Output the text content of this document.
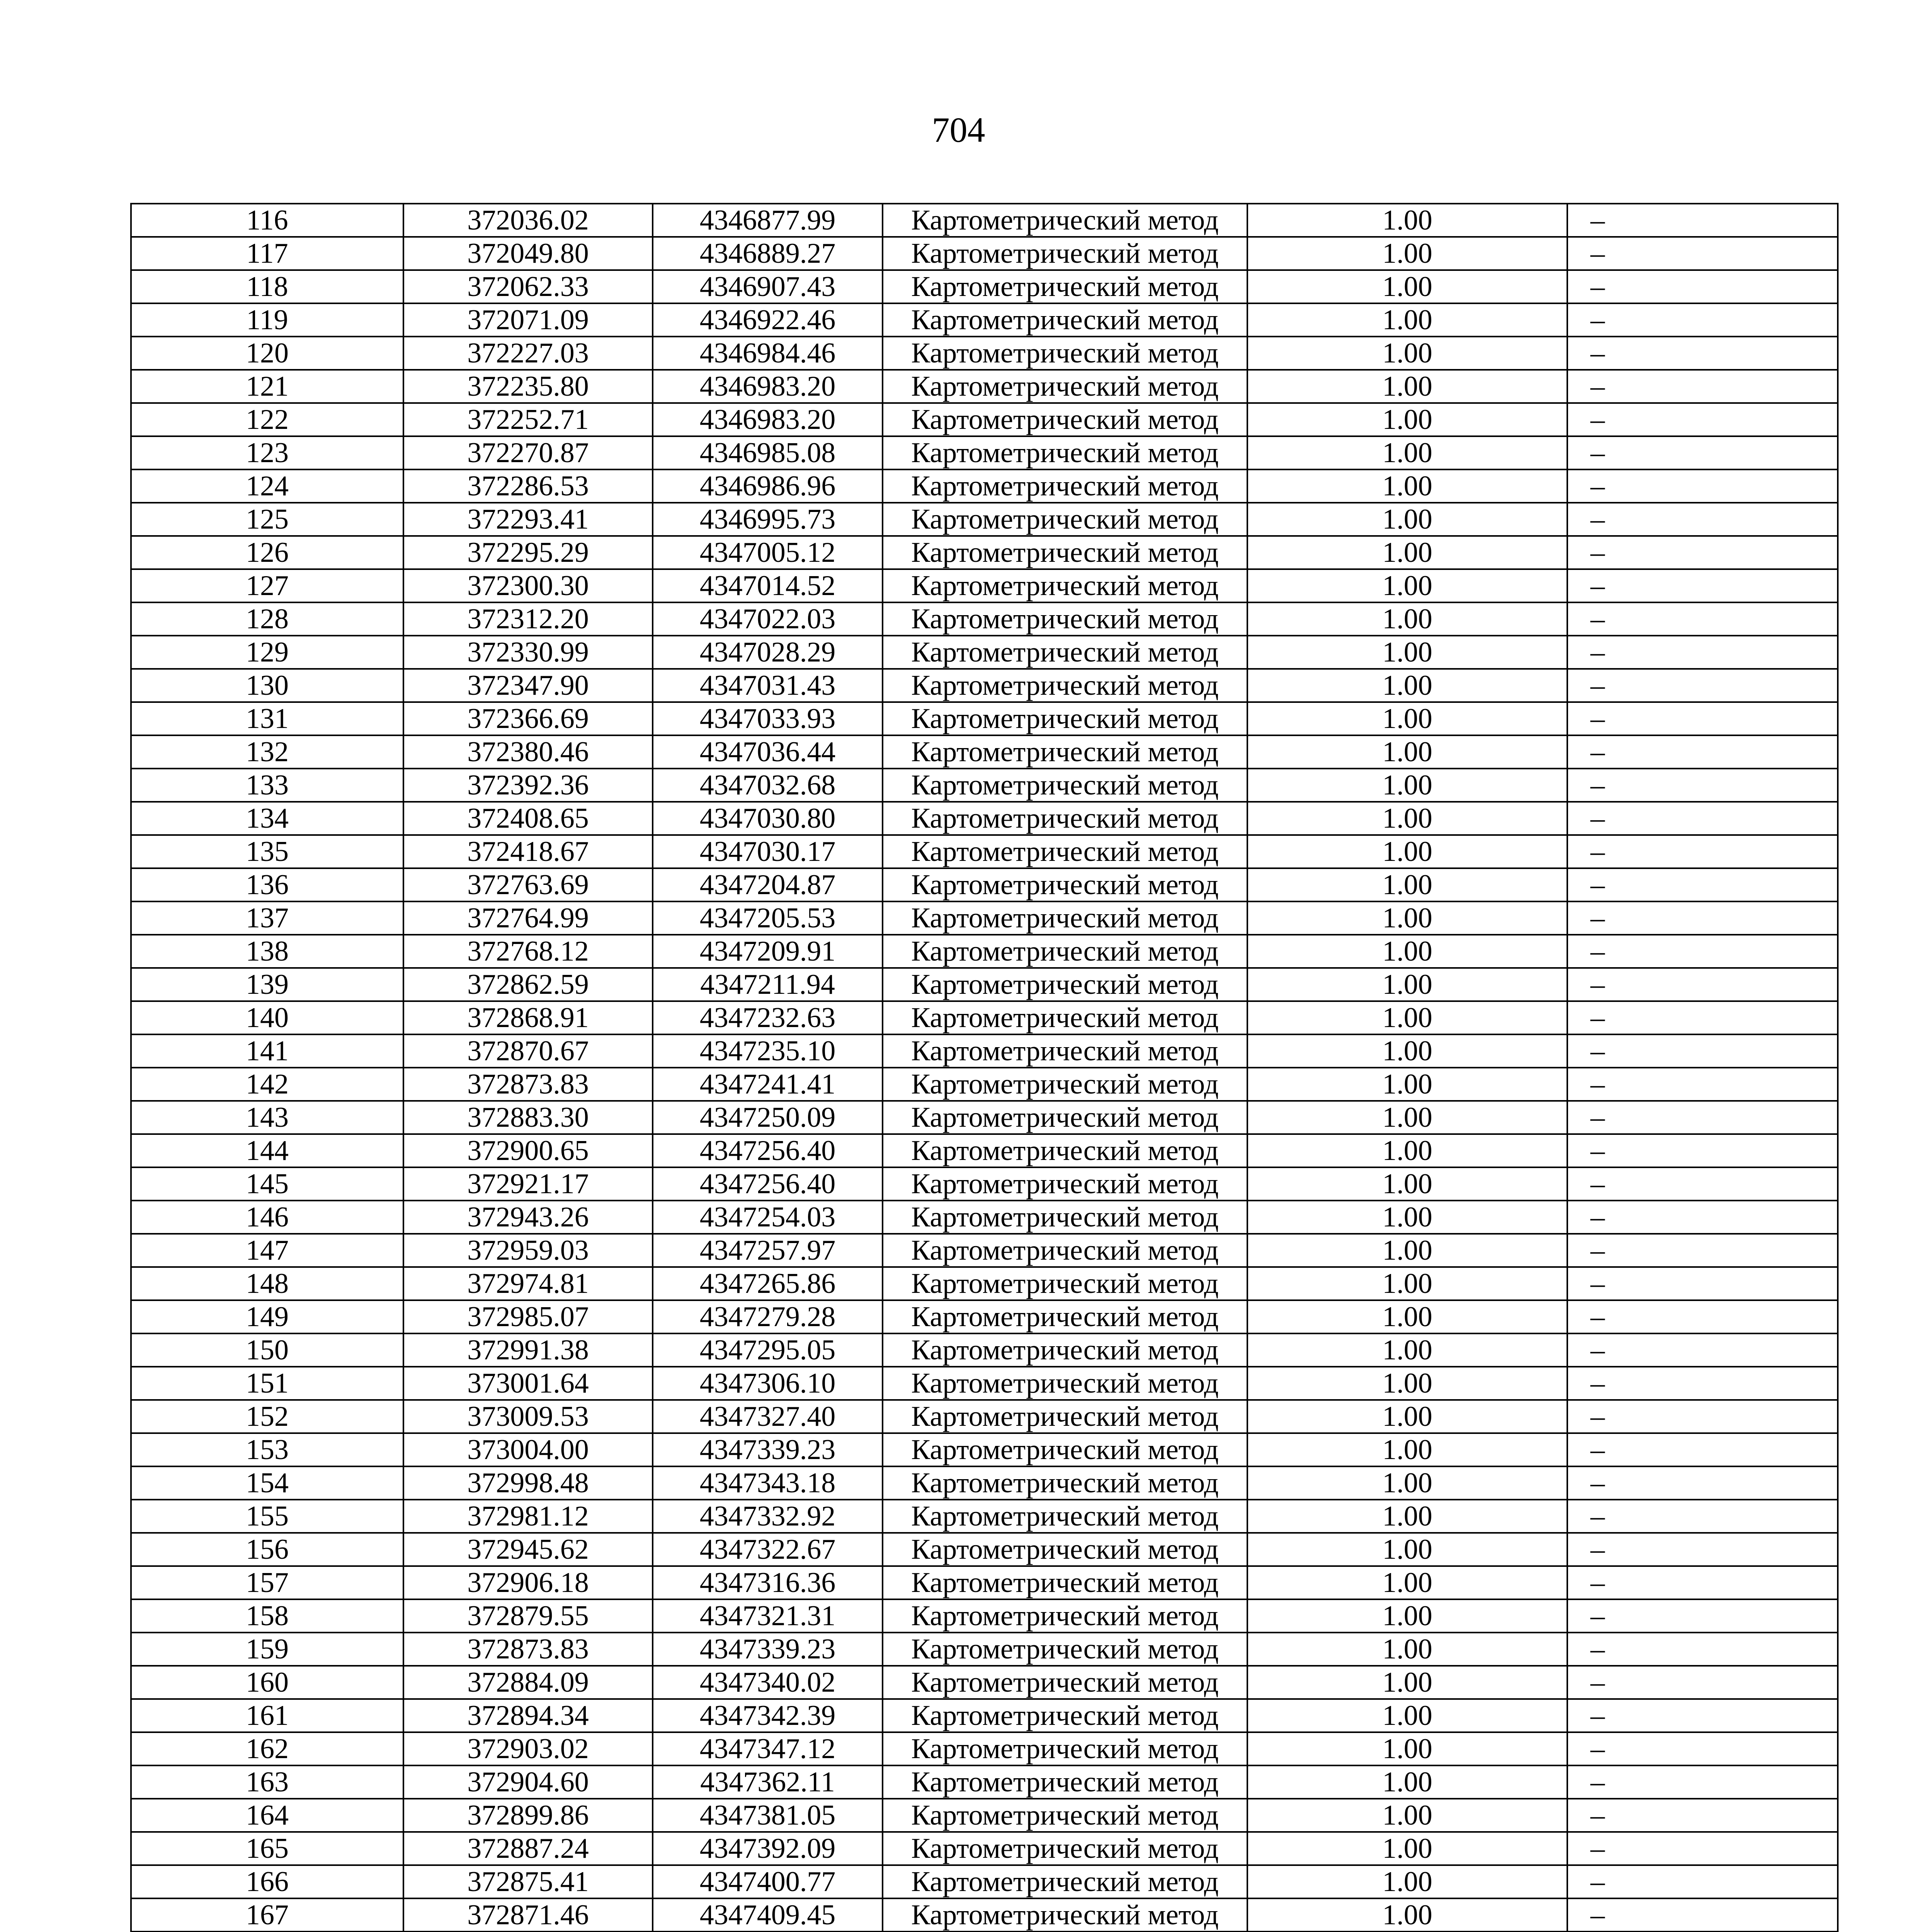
704
116	372036.02	4346877.99	Картометрический метод	1.00	–
117	372049.80	4346889.27	Картометрический метод	1.00	–
118	372062.33	4346907.43	Картометрический метод	1.00	–
119	372071.09	4346922.46	Картометрический метод	1.00	–
120	372227.03	4346984.46	Картометрический метод	1.00	–
121	372235.80	4346983.20	Картометрический метод	1.00	–
122	372252.71	4346983.20	Картометрический метод	1.00	–
123	372270.87	4346985.08	Картометрический метод	1.00	–
124	372286.53	4346986.96	Картометрический метод	1.00	–
125	372293.41	4346995.73	Картометрический метод	1.00	–
126	372295.29	4347005.12	Картометрический метод	1.00	–
127	372300.30	4347014.52	Картометрический метод	1.00	–
128	372312.20	4347022.03	Картометрический метод	1.00	–
129	372330.99	4347028.29	Картометрический метод	1.00	–
130	372347.90	4347031.43	Картометрический метод	1.00	–
131	372366.69	4347033.93	Картометрический метод	1.00	–
132	372380.46	4347036.44	Картометрический метод	1.00	–
133	372392.36	4347032.68	Картометрический метод	1.00	–
134	372408.65	4347030.80	Картометрический метод	1.00	–
135	372418.67	4347030.17	Картометрический метод	1.00	–
136	372763.69	4347204.87	Картометрический метод	1.00	–
137	372764.99	4347205.53	Картометрический метод	1.00	–
138	372768.12	4347209.91	Картометрический метод	1.00	–
139	372862.59	4347211.94	Картометрический метод	1.00	–
140	372868.91	4347232.63	Картометрический метод	1.00	–
141	372870.67	4347235.10	Картометрический метод	1.00	–
142	372873.83	4347241.41	Картометрический метод	1.00	–
143	372883.30	4347250.09	Картометрический метод	1.00	–
144	372900.65	4347256.40	Картометрический метод	1.00	–
145	372921.17	4347256.40	Картометрический метод	1.00	–
146	372943.26	4347254.03	Картометрический метод	1.00	–
147	372959.03	4347257.97	Картометрический метод	1.00	–
148	372974.81	4347265.86	Картометрический метод	1.00	–
149	372985.07	4347279.28	Картометрический метод	1.00	–
150	372991.38	4347295.05	Картометрический метод	1.00	–
151	373001.64	4347306.10	Картометрический метод	1.00	–
152	373009.53	4347327.40	Картометрический метод	1.00	–
153	373004.00	4347339.23	Картометрический метод	1.00	–
154	372998.48	4347343.18	Картометрический метод	1.00	–
155	372981.12	4347332.92	Картометрический метод	1.00	–
156	372945.62	4347322.67	Картометрический метод	1.00	–
157	372906.18	4347316.36	Картометрический метод	1.00	–
158	372879.55	4347321.31	Картометрический метод	1.00	–
159	372873.83	4347339.23	Картометрический метод	1.00	–
160	372884.09	4347340.02	Картометрический метод	1.00	–
161	372894.34	4347342.39	Картометрический метод	1.00	–
162	372903.02	4347347.12	Картометрический метод	1.00	–
163	372904.60	4347362.11	Картометрический метод	1.00	–
164	372899.86	4347381.05	Картометрический метод	1.00	–
165	372887.24	4347392.09	Картометрический метод	1.00	–
166	372875.41	4347400.77	Картометрический метод	1.00	–
167	372871.46	4347409.45	Картометрический метод	1.00	–
